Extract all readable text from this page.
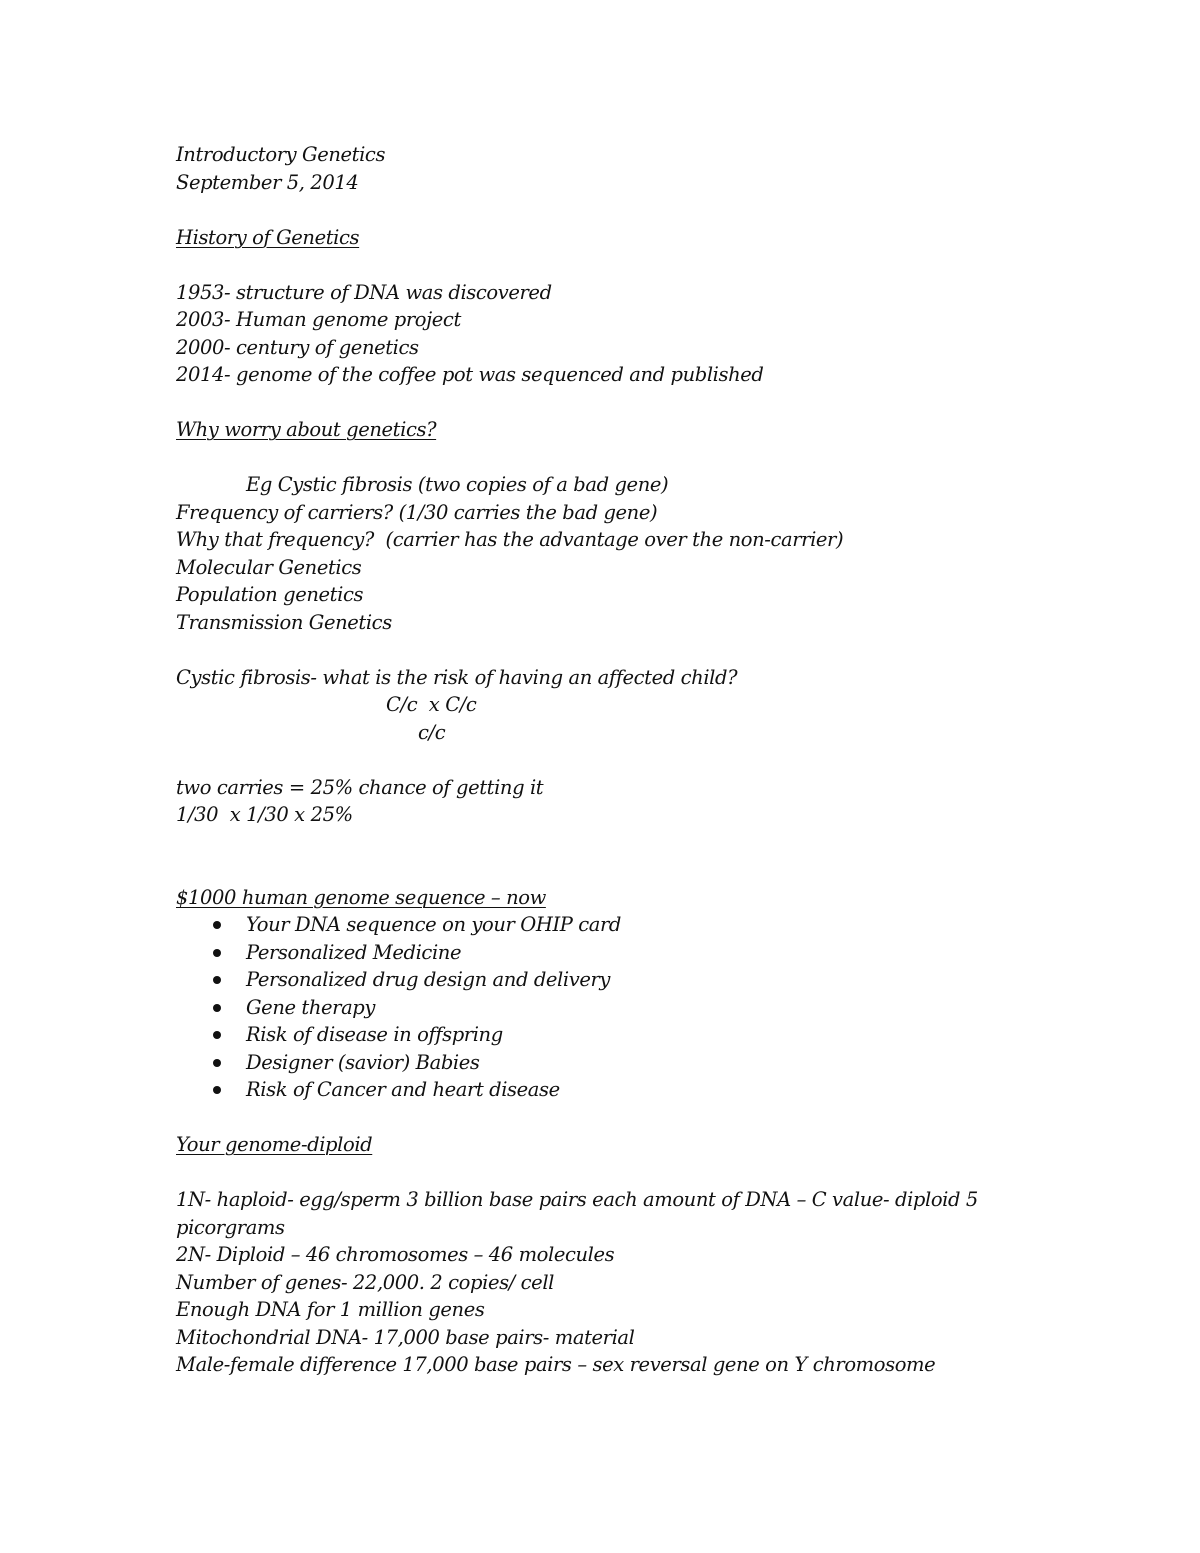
Introductory Genetics
September 5, 2014
History of Genetics
1953- structure of DNA was discovered
2003- Human genome project
2000- century of genetics
2014- genome of the coffee pot was sequenced and published
Why worry about genetics?
Eg Cystic fibrosis (two copies of a bad gene)
Frequency of carriers? (1/30 carries the bad gene)
Why that frequency?  (carrier has the advantage over the non-carrier)
Molecular Genetics
Population genetics
Transmission Genetics
Cystic fibrosis- what is the risk of having an affected child?
C/c  x C/c
c/c
two carries = 25% chance of getting it
1/30  x 1/30 x 25%
$1000 human genome sequence – now
Your DNA sequence on your OHIP card
Personalized Medicine
Personalized drug design and delivery
Gene therapy
Risk of disease in offspring
Designer (savior) Babies
Risk of Cancer and heart disease
Your genome-diploid
1N- haploid- egg/sperm 3 billion base pairs each amount of DNA – C value- diploid 5 picorgrams
2N- Diploid – 46 chromosomes – 46 molecules
Number of genes- 22,000. 2 copies/ cell
Enough DNA for 1 million genes
Mitochondrial DNA- 17,000 base pairs- material
Male-female difference 17,000 base pairs – sex reversal gene on Y chromosome
